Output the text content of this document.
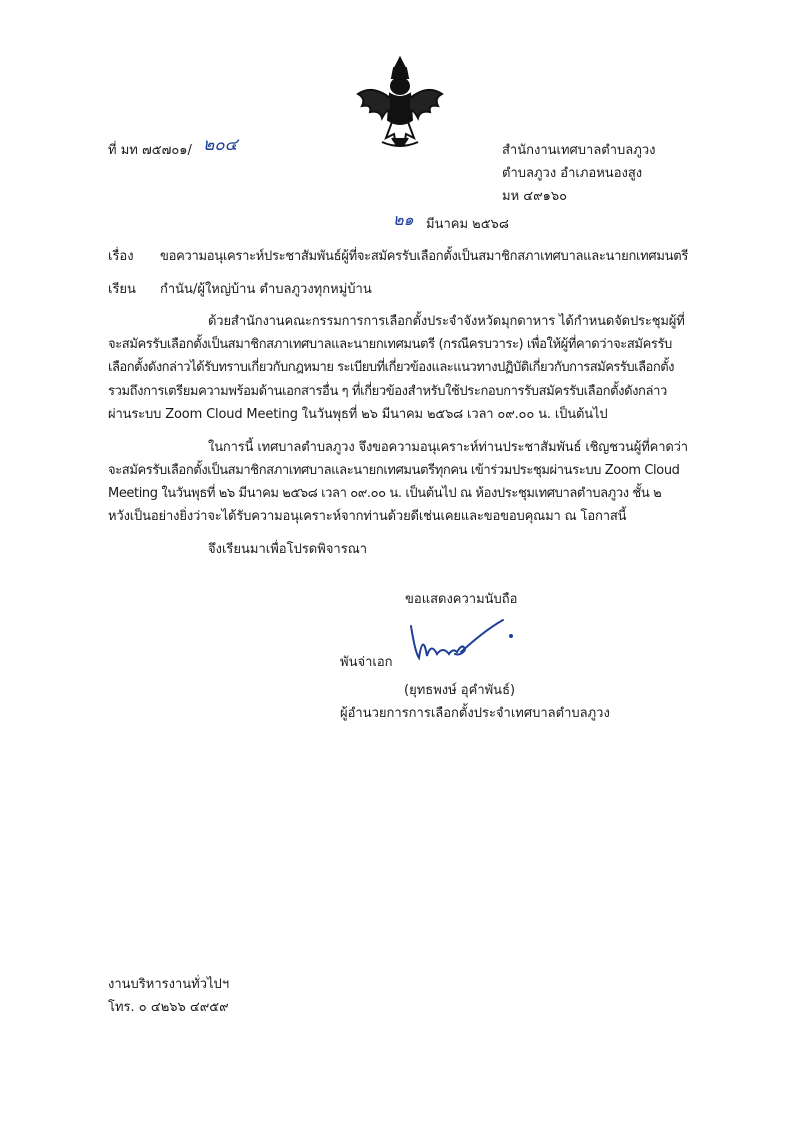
ที่ มท ๗๕๗๐๑/ ๒๐๔	สำนักงานเทศบาลตำบลภูวง
ตำบลภูวง อำเภอหนองสูง
มห ๔๙๑๖๐
๒๑ มีนาคม ๒๕๖๘
เรื่อง ขอความอนุเคราะห์ประชาสัมพันธ์ผู้ที่จะสมัครรับเลือกตั้งเป็นสมาชิกสภาเทศบาลและนายกเทศมนตรี
เรียน กำนัน/ผู้ใหญ่บ้าน ตำบลภูวงทุกหมู่บ้าน
ด้วยสำนักงานคณะกรรมการการเลือกตั้งประจำจังหวัดมุกดาหาร ได้กำหนดจัดประชุมผู้ที่
จะสมัครรับเลือกตั้งเป็นสมาชิกสภาเทศบาลและนายกเทศมนตรี (กรณีครบวาระ) เพื่อให้ผู้ที่คาดว่าจะสมัครรับ
เลือกตั้งดังกล่าวได้รับทราบเกี่ยวกับกฎหมาย ระเบียบที่เกี่ยวข้องและแนวทางปฏิบัติเกี่ยวกับการสมัครรับเลือกตั้ง
รวมถึงการเตรียมความพร้อมด้านเอกสารอื่น ๆ ที่เกี่ยวข้องสำหรับใช้ประกอบการรับสมัครรับเลือกตั้งดังกล่าว
ผ่านระบบ Zoom Cloud Meeting ในวันพุธที่ ๒๖ มีนาคม ๒๕๖๘ เวลา ๐๙.๐๐ น. เป็นต้นไป
ในการนี้ เทศบาลตำบลภูวง จึงขอความอนุเคราะห์ท่านประชาสัมพันธ์ เชิญชวนผู้ที่คาดว่า
จะสมัครรับเลือกตั้งเป็นสมาชิกสภาเทศบาลและนายกเทศมนตรีทุกคน เข้าร่วมประชุมผ่านระบบ Zoom Cloud
Meeting ในวันพุธที่ ๒๖ มีนาคม ๒๕๖๘ เวลา ๐๙.๐๐ น. เป็นต้นไป ณ ห้องประชุมเทศบาลตำบลภูวง ชั้น ๒
หวังเป็นอย่างยิ่งว่าจะได้รับความอนุเคราะห์จากท่านด้วยดีเช่นเคยและขอขอบคุณมา ณ โอกาสนี้
จึงเรียนมาเพื่อโปรดพิจารณา
ขอแสดงความนับถือ
พันจ่าเอก
(ยุทธพงษ์ อุคำพันธ์)
ผู้อำนวยการการเลือกตั้งประจำเทศบาลตำบลภูวง
งานบริหารงานทั่วไปฯ
โทร. ๐ ๔๒๖๖ ๔๙๕๙
